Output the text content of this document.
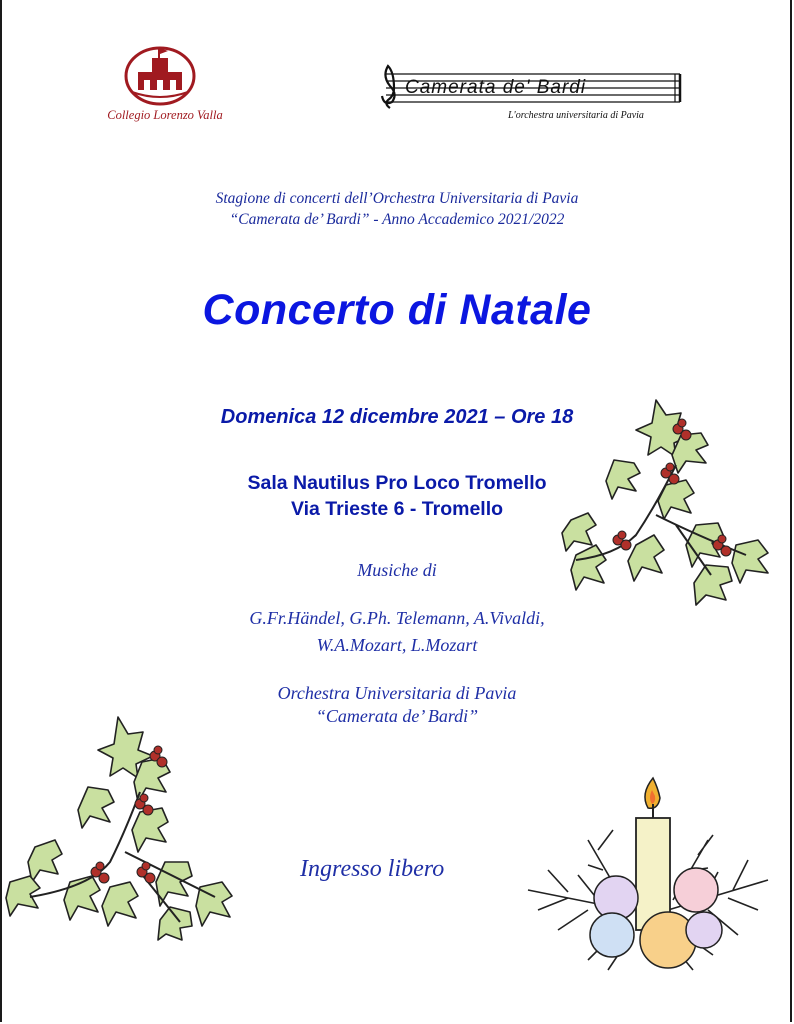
Collegio Lorenzo Valla
Camerata de' Bardi
L'orchestra universitaria di Pavia
Stagione di concerti dell’Orchestra Universitaria di Pavia
“Camerata de’ Bardi” - Anno Accademico 2021/2022
Concerto di Natale
Domenica 12 dicembre 2021 – Ore 18
Sala Nautilus Pro Loco Tromello
Via Trieste 6 - Tromello
Musiche di
G.Fr.Händel, G.Ph. Telemann, A.Vivaldi,
W.A.Mozart, L.Mozart
Orchestra Universitaria di Pavia
“Camerata de’ Bardi”
Ingresso libero
